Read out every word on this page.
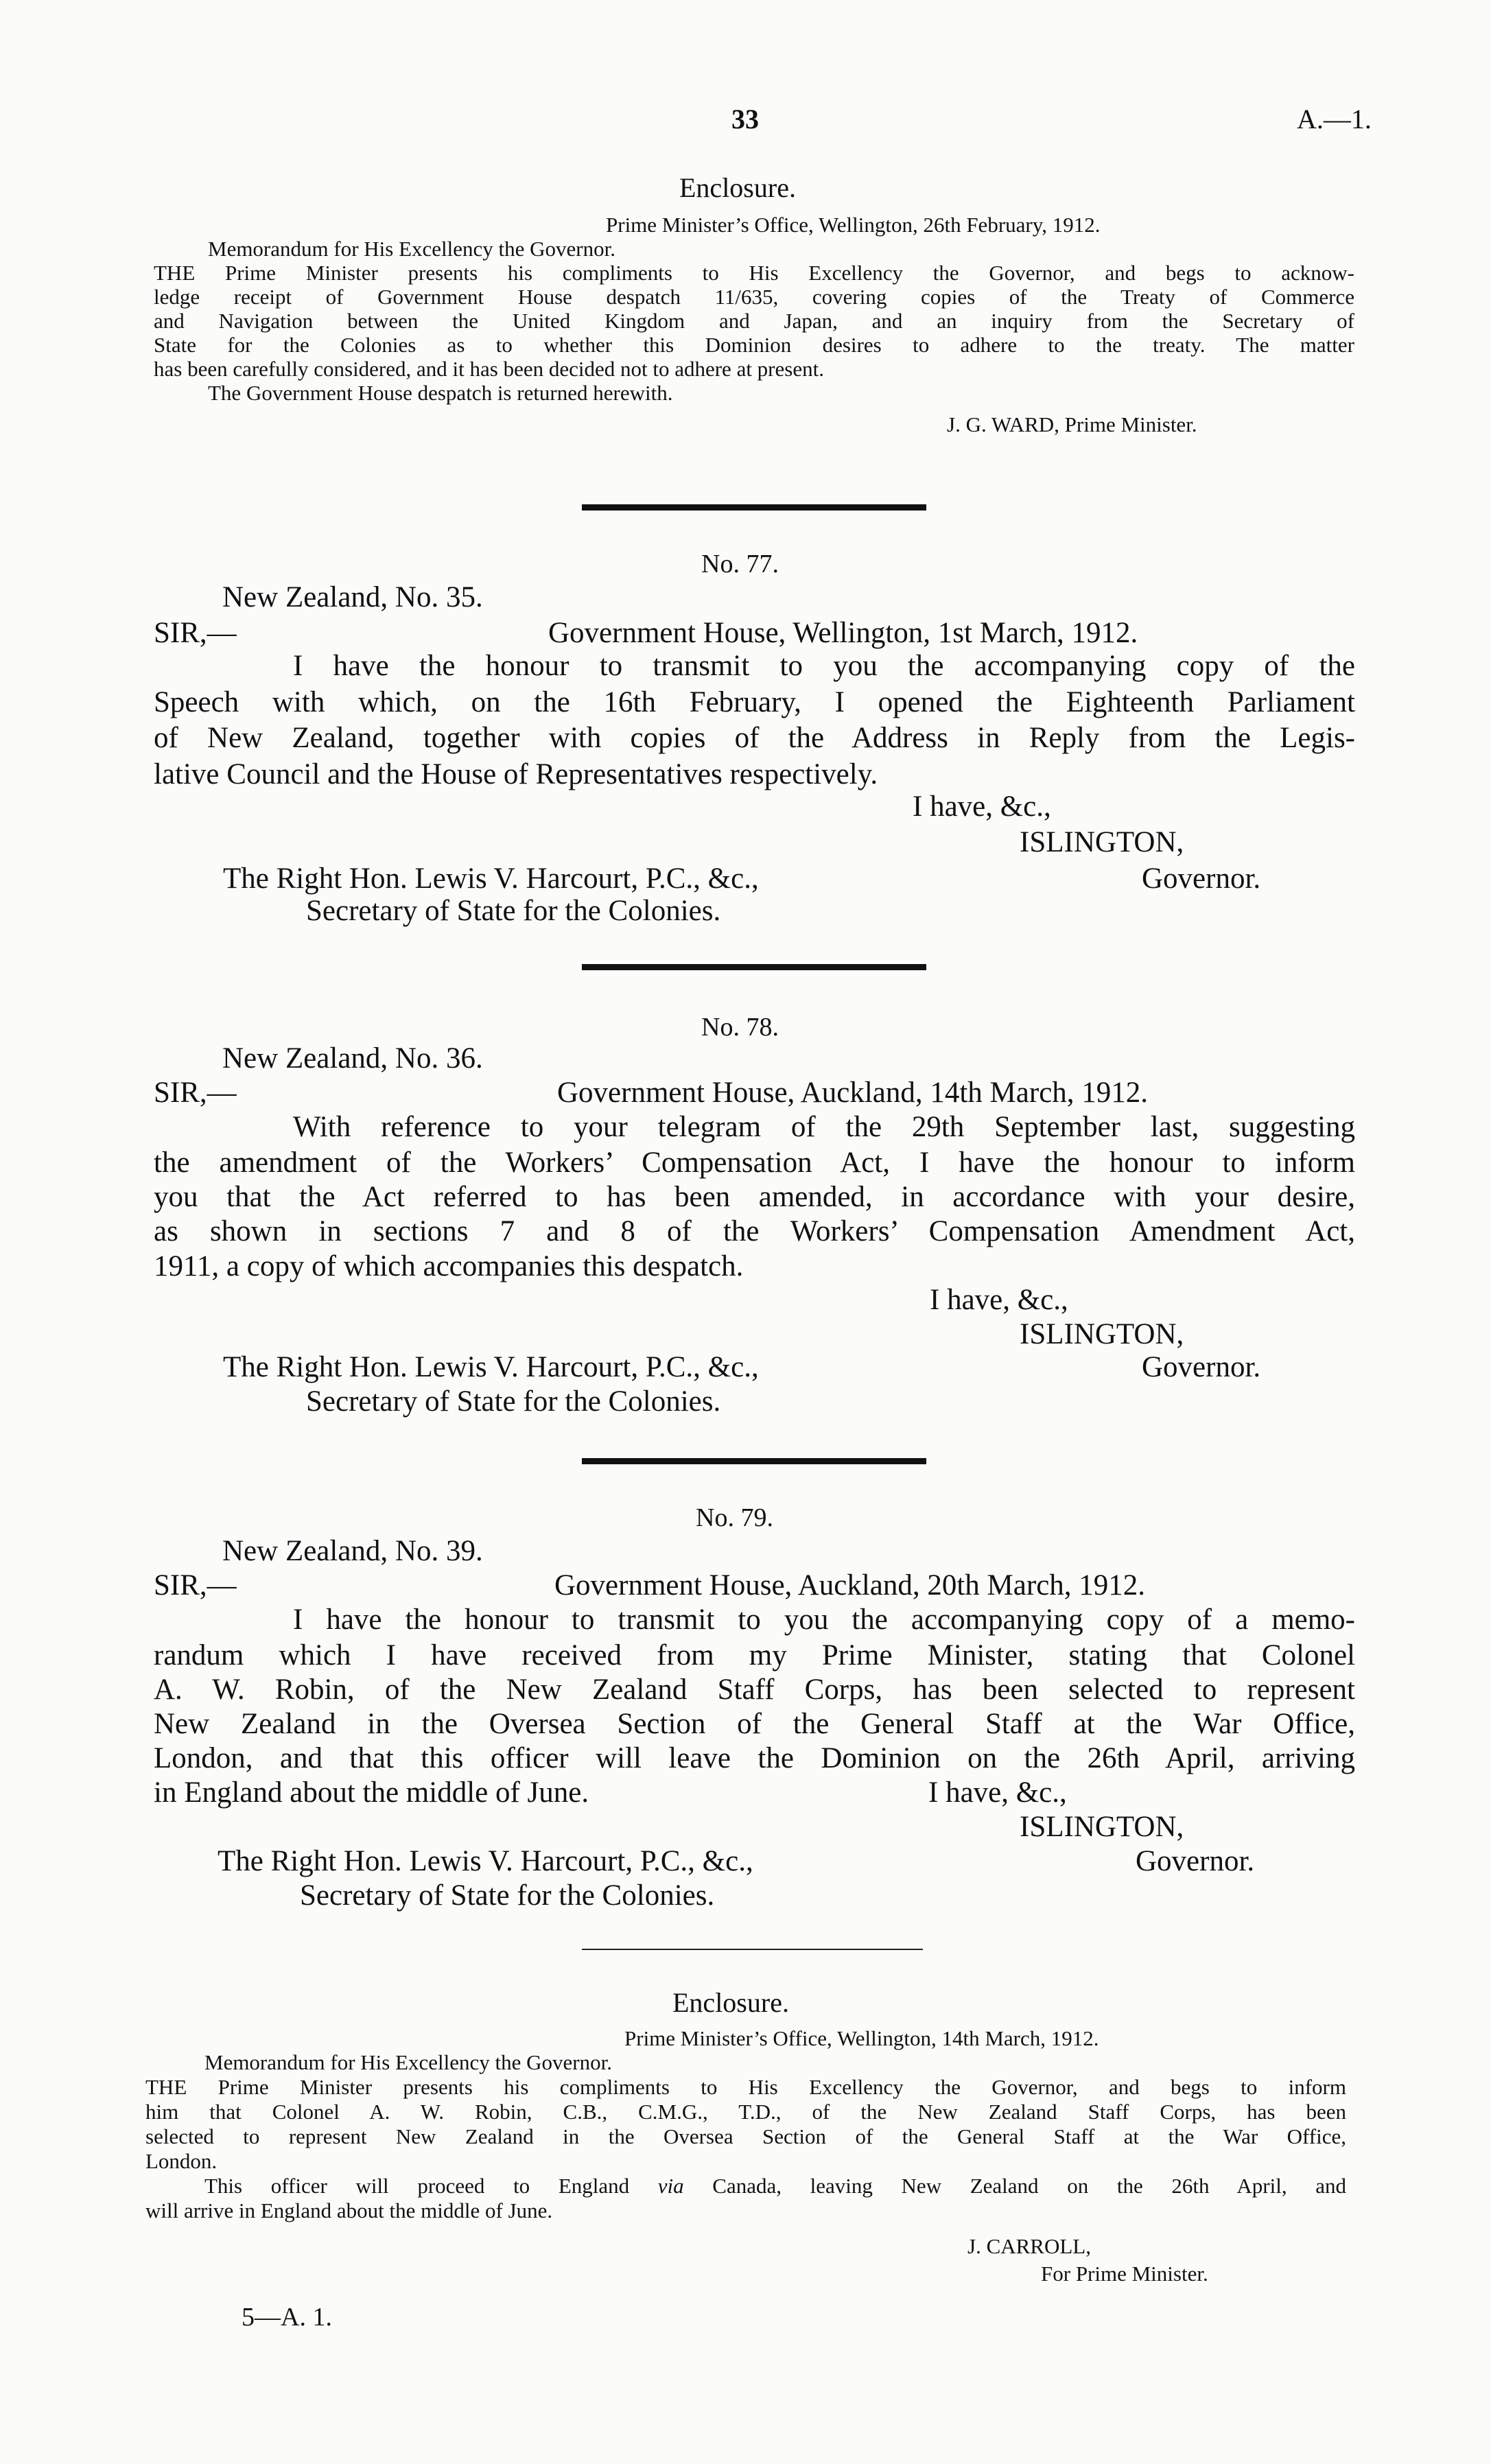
33	A.—1.
Enclosure.
Prime Minister’s Office, Wellington, 26th February, 1912.
Memorandum for His Excellency the Governor.
THE Prime Minister presents his compliments to His Excellency the Governor, and begs to acknow-
ledge receipt of Government House despatch 11/635, covering copies of the Treaty of Commerce
and Navigation between the United Kingdom and Japan, and an inquiry from the Secretary of
State for the Colonies as to whether this Dominion desires to adhere to the treaty. The matter
has been carefully considered, and it has been decided not to adhere at present.
The Government House despatch is returned herewith.
J. G. WARD, Prime Minister.
No. 77.
New Zealand, No. 35.
SIR,—	Government House, Wellington, 1st March, 1912.
I have the honour to transmit to you the accompanying copy of the
Speech with which, on the 16th February, I opened the Eighteenth Parliament
of New Zealand, together with copies of the Address in Reply from the Legis-
lative Council and the House of Representatives respectively.
I have, &c.,
ISLINGTON,
The Right Hon. Lewis V. Harcourt, P.C., &c.,	Governor.
Secretary of State for the Colonies.
No. 78.
New Zealand, No. 36.
SIR,—	Government House, Auckland, 14th March, 1912.
With reference to your telegram of the 29th September last, suggesting
the amendment of the Workers’ Compensation Act, I have the honour to inform
you that the Act referred to has been amended, in accordance with your desire,
as shown in sections 7 and 8 of the Workers’ Compensation Amendment Act,
1911, a copy of which accompanies this despatch.
I have, &c.,
ISLINGTON,
The Right Hon. Lewis V. Harcourt, P.C., &c.,	Governor.
Secretary of State for the Colonies.
No. 79.
New Zealand, No. 39.
SIR,—	Government House, Auckland, 20th March, 1912.
I have the honour to transmit to you the accompanying copy of a memo-
randum which I have received from my Prime Minister, stating that Colonel
A. W. Robin, of the New Zealand Staff Corps, has been selected to represent
New Zealand in the Oversea Section of the General Staff at the War Office,
London, and that this officer will leave the Dominion on the 26th April, arriving
in England about the middle of June.	I have, &c.,
ISLINGTON,
The Right Hon. Lewis V. Harcourt, P.C., &c.,	Governor.
Secretary of State for the Colonies.
Enclosure.
Prime Minister’s Office, Wellington, 14th March, 1912.
Memorandum for His Excellency the Governor.
THE Prime Minister presents his compliments to His Excellency the Governor, and begs to inform
him that Colonel A. W. Robin, C.B., C.M.G., T.D., of the New Zealand Staff Corps, has been
selected to represent New Zealand in the Oversea Section of the General Staff at the War Office,
London.
This officer will proceed to England via Canada, leaving New Zealand on the 26th April, and
will arrive in England about the middle of June.
J. CARROLL,
For Prime Minister.
5—A. 1.
